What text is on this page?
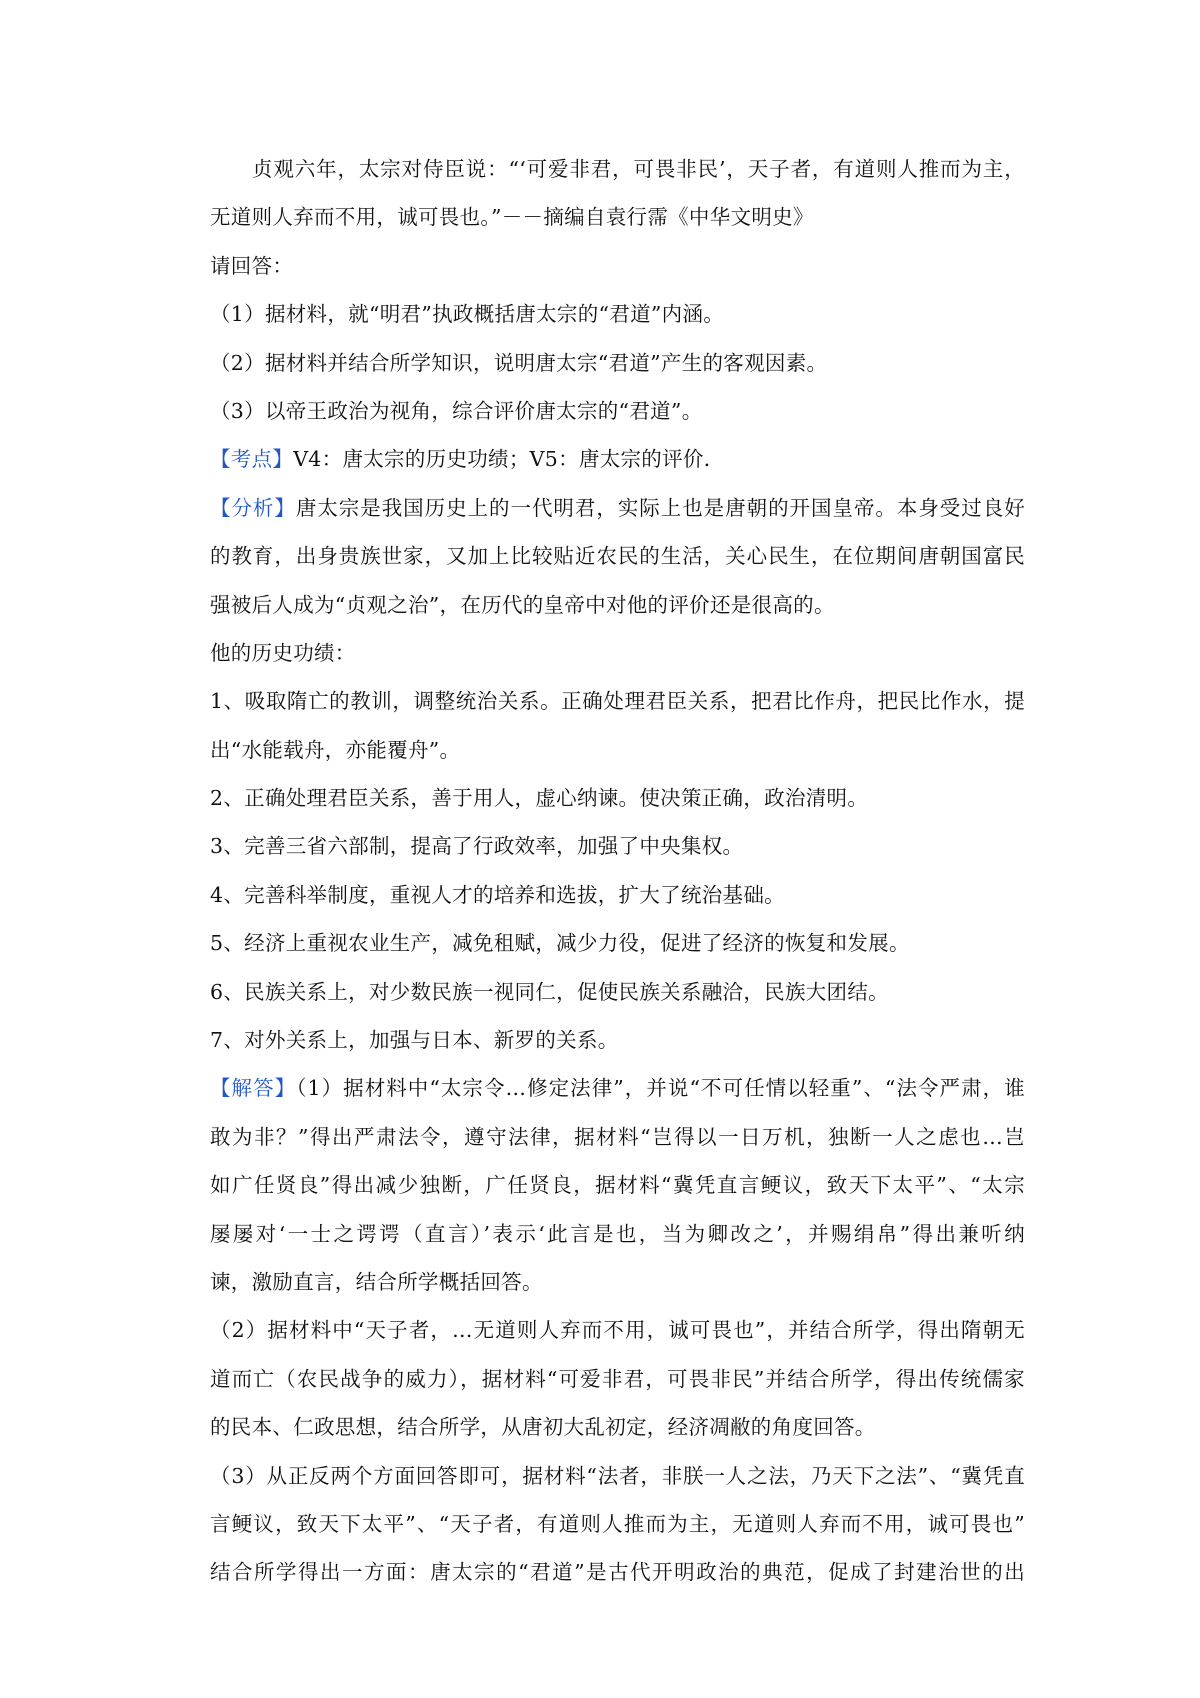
贞观六年，太宗对侍臣说：“‘可爱非君，可畏非民’，天子者，有道则人推而为主，
无道则人弃而不用，诚可畏也。”－－摘编自袁行霈《中华文明史》
请回答：
（1）据材料，就“明君”执政概括唐太宗的“君道”内涵。
（2）据材料并结合所学知识，说明唐太宗“君道”产生的客观因素。
（3）以帝王政治为视角，综合评价唐太宗的“君道”。
【考点】V4：唐太宗的历史功绩；V5：唐太宗的评价．
【分析】唐太宗是我国历史上的一代明君，实际上也是唐朝的开国皇帝。本身受过良好
的教育，出身贵族世家，又加上比较贴近农民的生活，关心民生，在位期间唐朝国富民
强被后人成为“贞观之治”，在历代的皇帝中对他的评价还是很高的。
他的历史功绩：
1、吸取隋亡的教训，调整统治关系。正确处理君臣关系，把君比作舟，把民比作水，提
出“水能载舟，亦能覆舟”。
2、正确处理君臣关系，善于用人，虚心纳谏。使决策正确，政治清明。
3、完善三省六部制，提高了行政效率，加强了中央集权。
4、完善科举制度，重视人才的培养和选拔，扩大了统治基础。
5、经济上重视农业生产，减免租赋，减少力役，促进了经济的恢复和发展。
6、民族关系上，对少数民族一视同仁，促使民族关系融洽，民族大团结。
7、对外关系上，加强与日本、新罗的关系。
【解答】（1）据材料中“太宗令…修定法律”，并说“不可任情以轻重”、“法令严肃，谁
敢为非？”得出严肃法令，遵守法律，据材料“岂得以一日万机，独断一人之虑也…岂
如广任贤良”得出减少独断，广任贤良，据材料“冀凭直言鲠议，致天下太平”、“太宗
屡屡对‘一士之谔谔（直言）’表示‘此言是也，当为卿改之’，并赐绢帛”得出兼听纳
谏，激励直言，结合所学概括回答。
（2）据材料中“天子者，…无道则人弃而不用，诚可畏也”，并结合所学，得出隋朝无
道而亡（农民战争的威力），据材料“可爱非君，可畏非民”并结合所学，得出传统儒家
的民本、仁政思想，结合所学，从唐初大乱初定，经济凋敝的角度回答。
（3）从正反两个方面回答即可，据材料“法者，非朕一人之法，乃天下之法”、“冀凭直
言鲠议，致天下太平”、“天子者，有道则人推而为主，无道则人弃而不用，诚可畏也”
结合所学得出一方面：唐太宗的“君道”是古代开明政治的典范，促成了封建治世的出
